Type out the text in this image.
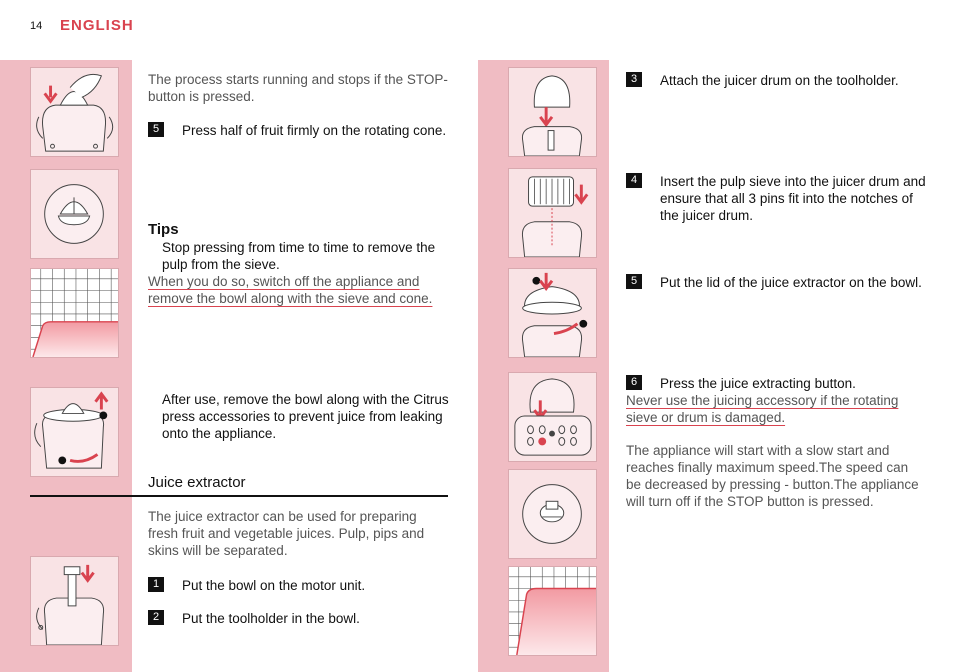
14 ENGLISH
The process starts running and stops if the STOP-button is pressed.
5	Press half of fruit firmly on the rotating cone.
Tips
Stop pressing from time to time to remove the pulp from the sieve.
When you do so, switch off the appliance and remove the bowl along with the sieve and cone.
After use, remove the bowl along with the Citrus press accessories to prevent juice from leaking onto the appliance.
Juice extractor
The juice extractor can be used for preparing fresh fruit and vegetable juices. Pulp, pips and skins will be separated.
1	Put the bowl on the motor unit.
2	Put the toolholder in the bowl.
3	Attach the juicer drum on the toolholder.
4	Insert the pulp sieve into the juicer drum and ensure that all 3 pins fit into the notches of the juicer drum.
5	Put the lid of the juice extractor on the bowl.
6	Press the juice extracting button.
Never use the juicing accessory if the rotating sieve or drum is damaged.
The appliance will start with a slow start and reaches finally maximum speed.The speed can be decreased by pressing - button.The appliance will turn off if the STOP button is pressed.
